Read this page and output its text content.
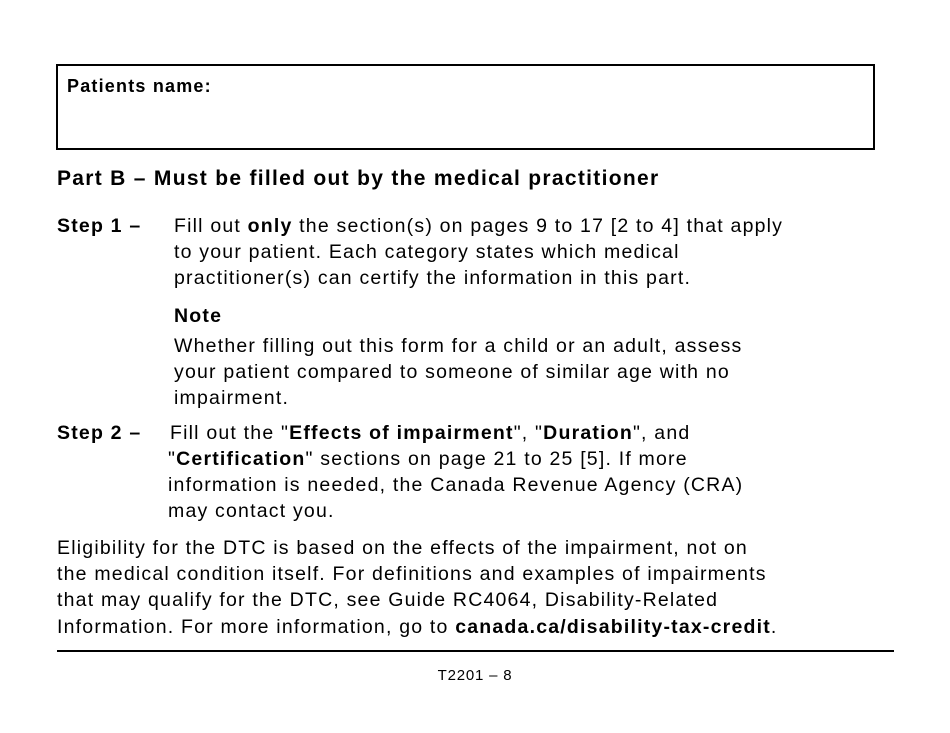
Patients name:
Part B – Must be filled out by the medical practitioner
Step 1 – Fill out only the section(s) on pages 9 to 17 [2 to 4] that apply
to your patient. Each category states which medical
practitioner(s) can certify the information in this part.
Note
Whether filling out this form for a child or an adult, assess
your patient compared to someone of similar age with no
impairment.
Step 2 – Fill out the "Effects of impairment", "Duration", and
"Certification" sections on page 21 to 25 [5]. If more
information is needed, the Canada Revenue Agency (CRA)
may contact you.
Eligibility for the DTC is based on the effects of the impairment, not on
the medical condition itself. For definitions and examples of impairments
that may qualify for the DTC, see Guide RC4064, Disability-Related
Information. For more information, go to canada.ca/disability-tax-credit.
T2201 – 8
